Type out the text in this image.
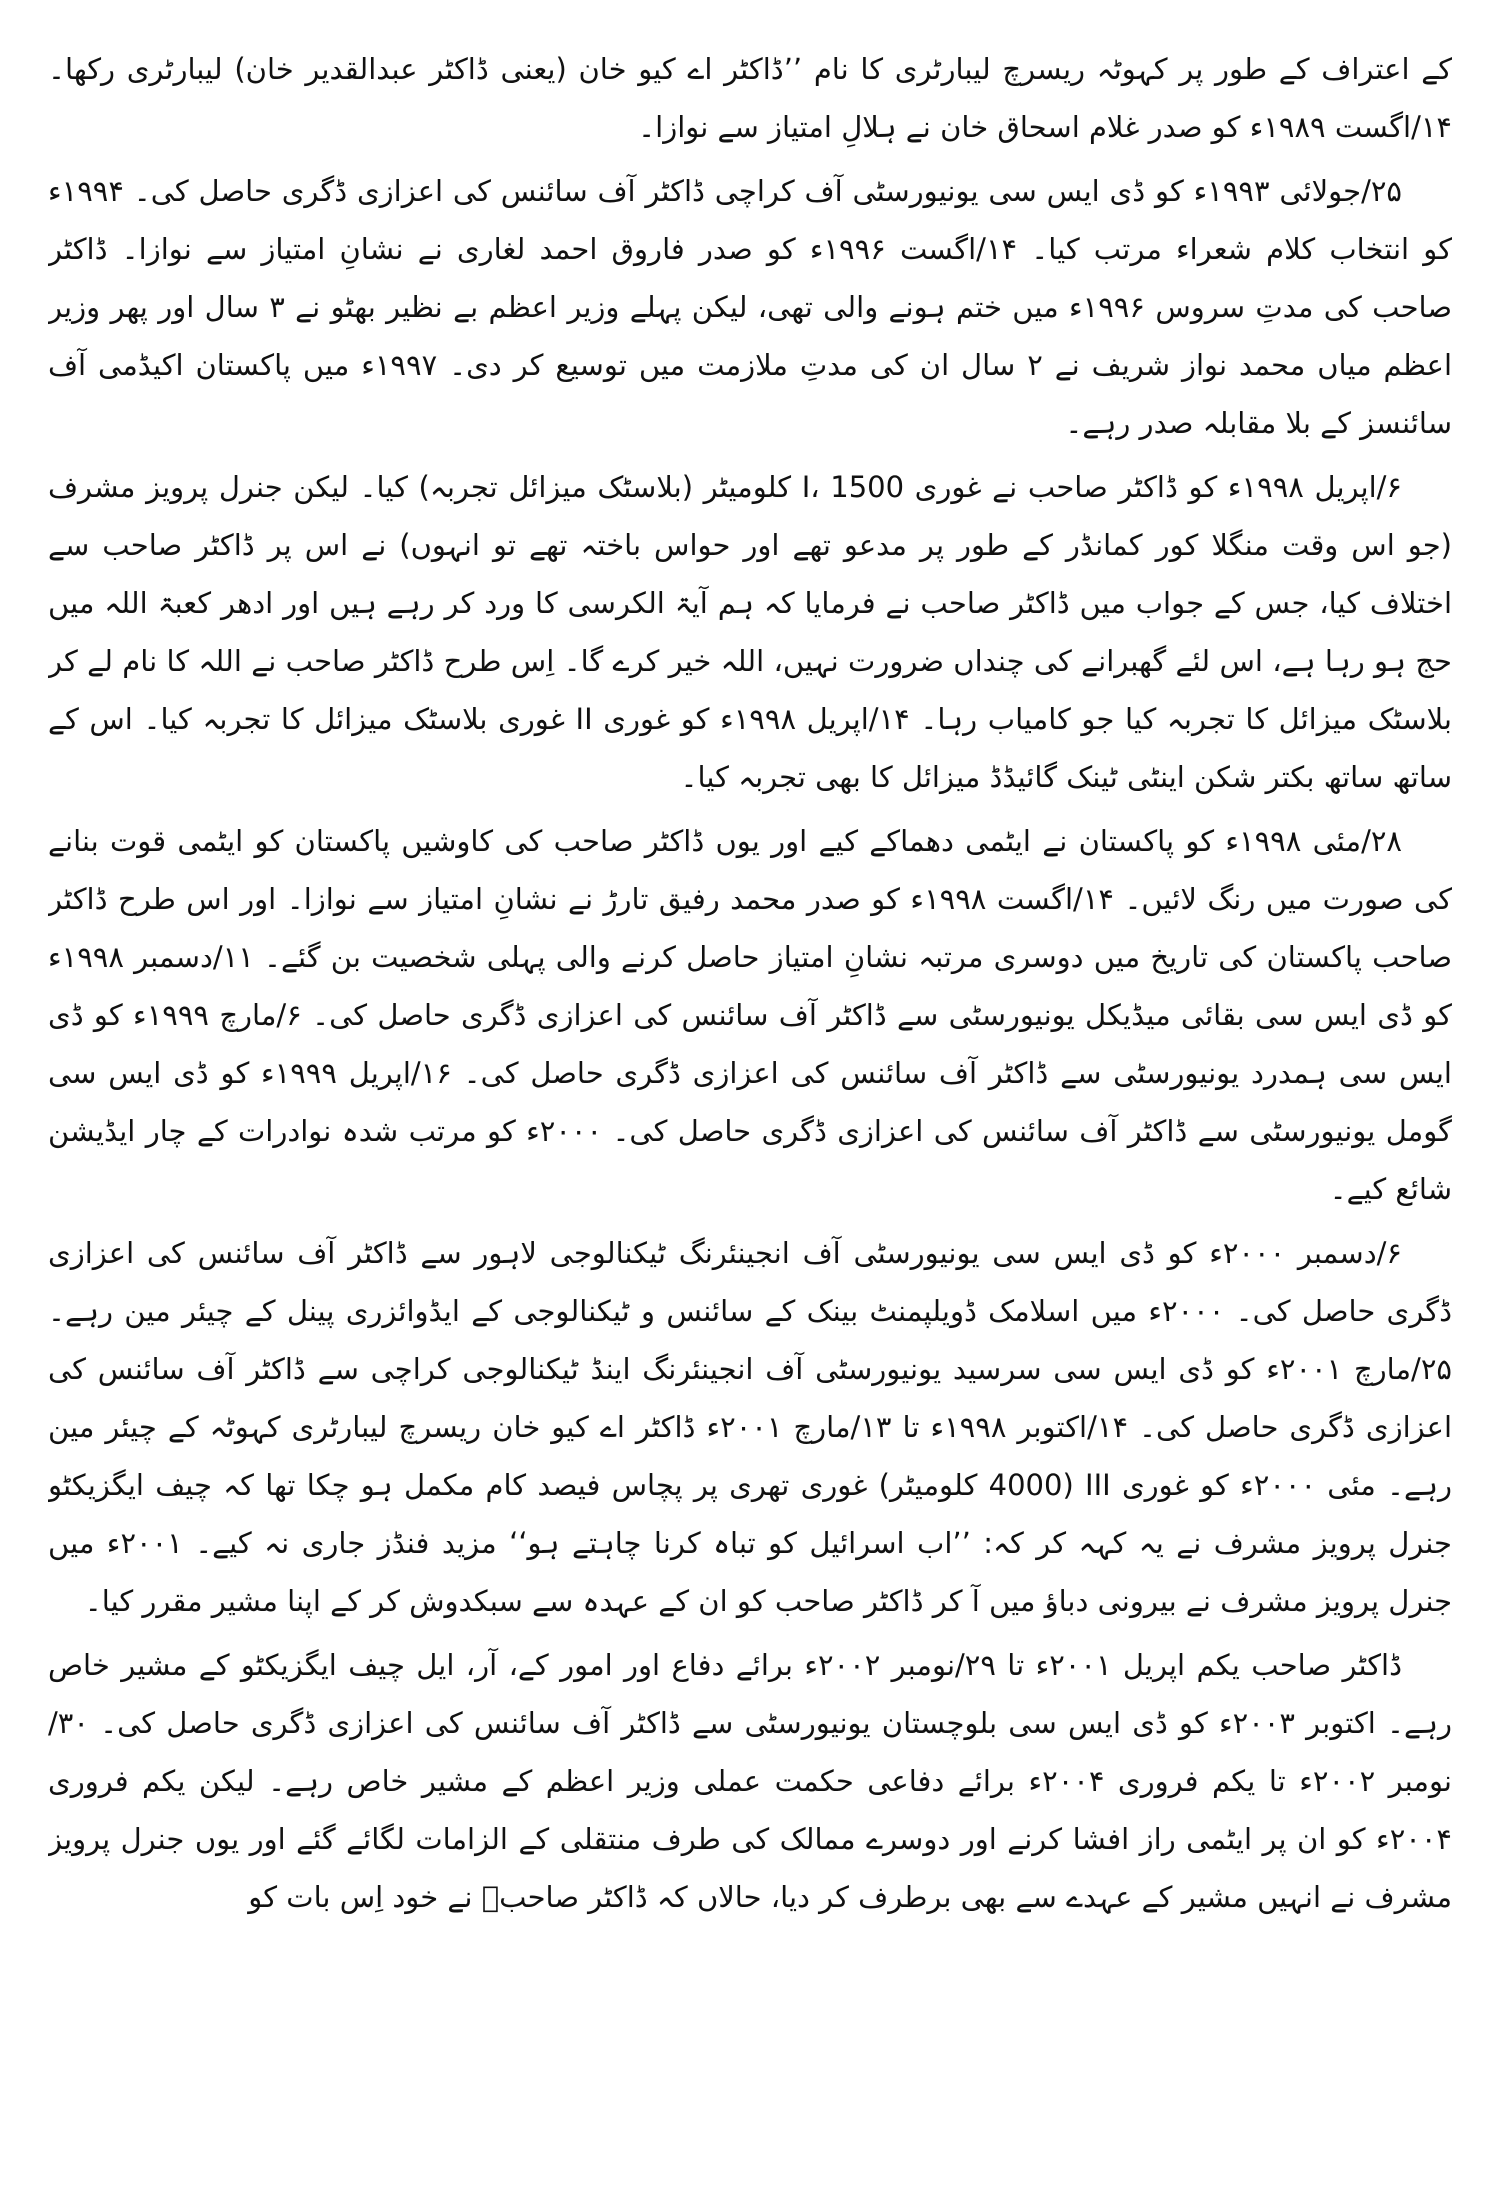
کے اعتراف کے طور پر کہوٹہ ریسرچ لیبارٹری کا نام ’’ڈاکٹر اے کیو خان (یعنی ڈاکٹر عبدالقدیر خان) لیبارٹری رکھا۔ ۱۴/اگست ۱۹۸۹ء کو صدر غلام اسحاق خان نے ہلالِ امتیاز سے نوازا۔

۲۵/جولائی ۱۹۹۳ء کو ڈی ایس سی یونیورسٹی آف کراچی ڈاکٹر آف سائنس کی اعزازی ڈگری حاصل کی۔ ۱۹۹۴ء کو انتخاب کلام شعراء مرتب کیا۔ ۱۴/اگست ۱۹۹۶ء کو صدر فاروق احمد لغاری نے نشانِ امتیاز سے نوازا۔ ڈاکٹر صاحب کی مدتِ سروس ۱۹۹۶ء میں ختم ہونے والی تھی، لیکن پہلے وزیر اعظم بے نظیر بھٹو نے ۳ سال اور پھر وزیر اعظم میاں محمد نواز شریف نے ۲ سال ان کی مدتِ ملازمت میں توسیع کر دی۔ ۱۹۹۷ء میں پاکستان اکیڈمی آف سائنسز کے بلا مقابلہ صدر رہے۔

۶/اپریل ۱۹۹۸ء کو ڈاکٹر صاحب نے غوری I، 1500 کلومیٹر (بلاسٹک میزائل تجربہ) کیا۔ لیکن جنرل پرویز مشرف (جو اس وقت منگلا کور کمانڈر کے طور پر مدعو تھے اور حواس باختہ تھے تو انہوں) نے اس پر ڈاکٹر صاحب سے اختلاف کیا، جس کے جواب میں ڈاکٹر صاحب نے فرمایا کہ ہم آیۃ الکرسی کا ورد کر رہے ہیں اور ادھر کعبۃ اللہ میں حج ہو رہا ہے، اس لئے گھبرانے کی چنداں ضرورت نہیں، اللہ خیر کرے گا۔ اِس طرح ڈاکٹر صاحب نے اللہ کا نام لے کر بلاسٹک میزائل کا تجربہ کیا جو کامیاب رہا۔ ۱۴/اپریل ۱۹۹۸ء کو غوری II غوری بلاسٹک میزائل کا تجربہ کیا۔ اس کے ساتھ ساتھ بکتر شکن اینٹی ٹینک گائیڈڈ میزائل کا بھی تجربہ کیا۔

۲۸/مئی ۱۹۹۸ء کو پاکستان نے ایٹمی دھماکے کیے اور یوں ڈاکٹر صاحب کی کاوشیں پاکستان کو ایٹمی قوت بنانے کی صورت میں رنگ لائیں۔ ۱۴/اگست ۱۹۹۸ء کو صدر محمد رفیق تارڑ نے نشانِ امتیاز سے نوازا۔ اور اس طرح ڈاکٹر صاحب پاکستان کی تاریخ میں دوسری مرتبہ نشانِ امتیاز حاصل کرنے والی پہلی شخصیت بن گئے۔ ۱۱/دسمبر ۱۹۹۸ء کو ڈی ایس سی بقائی میڈیکل یونیورسٹی سے ڈاکٹر آف سائنس کی اعزازی ڈگری حاصل کی۔ ۶/مارچ ۱۹۹۹ء کو ڈی ایس سی ہمدرد یونیورسٹی سے ڈاکٹر آف سائنس کی اعزازی ڈگری حاصل کی۔ ۱۶/اپریل ۱۹۹۹ء کو ڈی ایس سی گومل یونیورسٹی سے ڈاکٹر آف سائنس کی اعزازی ڈگری حاصل کی۔ ۲۰۰۰ء کو مرتب شدہ نوادرات کے چار ایڈیشن شائع کیے۔

۶/دسمبر ۲۰۰۰ء کو ڈی ایس سی یونیورسٹی آف انجینئرنگ ٹیکنالوجی لاہور سے ڈاکٹر آف سائنس کی اعزازی ڈگری حاصل کی۔ ۲۰۰۰ء میں اسلامک ڈویلپمنٹ بینک کے سائنس و ٹیکنالوجی کے ایڈوائزری پینل کے چیئر مین رہے۔ ۲۵/مارچ ۲۰۰۱ء کو ڈی ایس سی سرسید یونیورسٹی آف انجینئرنگ اینڈ ٹیکنالوجی کراچی سے ڈاکٹر آف سائنس کی اعزازی ڈگری حاصل کی۔ ۱۴/اکتوبر ۱۹۹۸ء تا ۱۳/مارچ ۲۰۰۱ء ڈاکٹر اے کیو خان ریسرچ لیبارٹری کہوٹہ کے چیئر مین رہے۔ مئی ۲۰۰۰ء کو غوری III (4000 کلومیٹر) غوری تھری پر پچاس فیصد کام مکمل ہو چکا تھا کہ چیف ایگزیکٹو جنرل پرویز مشرف نے یہ کہہ کر کہ: ’’اب اسرائیل کو تباہ کرنا چاہتے ہو‘‘ مزید فنڈز جاری نہ کیے۔ ۲۰۰۱ء میں جنرل پرویز مشرف نے بیرونی دباؤ میں آ کر ڈاکٹر صاحب کو ان کے عہدہ سے سبکدوش کر کے اپنا مشیر مقرر کیا۔

ڈاکٹر صاحب یکم اپریل ۲۰۰۱ء تا ۲۹/نومبر ۲۰۰۲ء برائے دفاع اور امور کے، آر، ایل چیف ایگزیکٹو کے مشیر خاص رہے۔ اکتوبر ۲۰۰۳ء کو ڈی ایس سی بلوچستان یونیورسٹی سے ڈاکٹر آف سائنس کی اعزازی ڈگری حاصل کی۔ ۳۰/نومبر ۲۰۰۲ء تا یکم فروری ۲۰۰۴ء برائے دفاعی حکمت عملی وزیر اعظم کے مشیر خاص رہے۔ لیکن یکم فروری ۲۰۰۴ء کو ان پر ایٹمی راز افشا کرنے اور دوسرے ممالک کی طرف منتقلی کے الزامات لگائے گئے اور یوں جنرل پرویز مشرف نے انہیں مشیر کے عہدے سے بھی برطرف کر دیا، حالاں کہ ڈاکٹر صاحبؒ نے خود اِس بات کو
